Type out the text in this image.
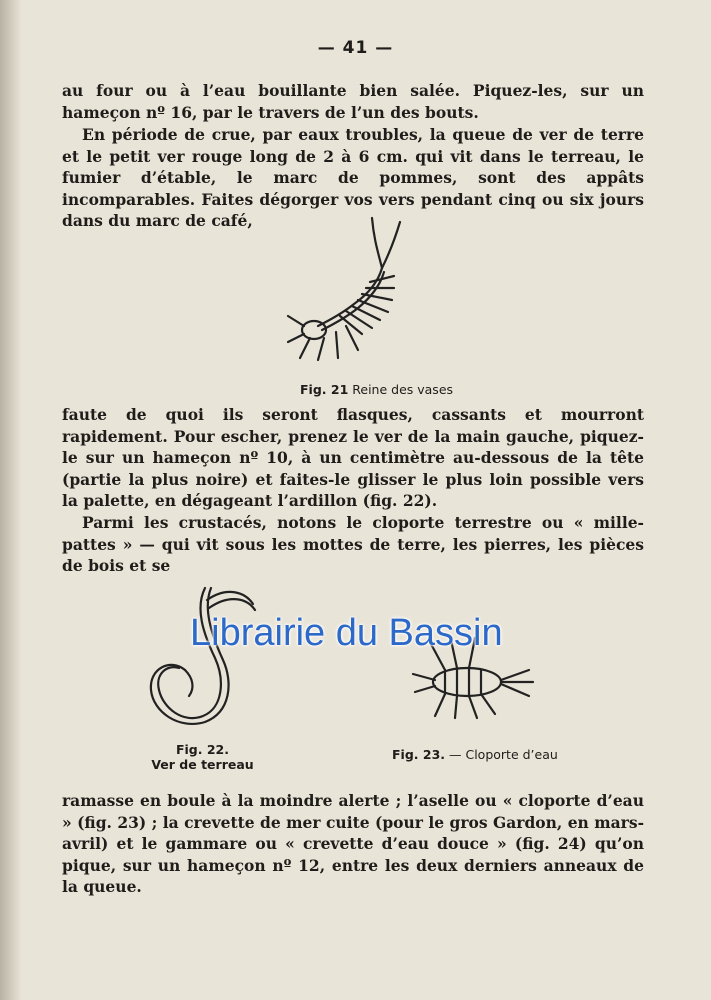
— 41 —

au four ou à l’eau bouillante bien salée. Piquez-les, sur un hameçon nº 16, par le travers de l’un des bouts.

En période de crue, par eaux troubles, la queue de ver de terre et le petit ver rouge long de 2 à 6 cm. qui vit dans le terreau, le fumier d’étable, le marc de pommes, sont des appâts incomparables. Faites dégorger vos vers pendant cinq ou six jours dans du marc de café,

Fig. 21 Reine des vases

faute de quoi ils seront flasques, cassants et mourront rapidement. Pour escher, prenez le ver de la main gauche, piquez-le sur un hameçon nº 10, à un centimètre au-dessous de la tête (partie la plus noire) et faites-le glisser le plus loin possible vers la palette, en dégageant l’ardillon (fig. 22).

Parmi les crustacés, notons le cloporte terrestre ou « mille-pattes » — qui vit sous les mottes de terre, les pierres, les pièces de bois et se

Fig. 22.
Ver de terreau
Fig. 23. — Cloporte d’eau
Librairie du Bassin

ramasse en boule à la moindre alerte ; l’aselle ou « cloporte d’eau » (fig. 23) ; la crevette de mer cuite (pour le gros Gardon, en mars-avril) et le gammare ou « crevette d’eau douce » (fig. 24) qu’on pique, sur un hameçon nº 12, entre les deux derniers anneaux de la queue.
